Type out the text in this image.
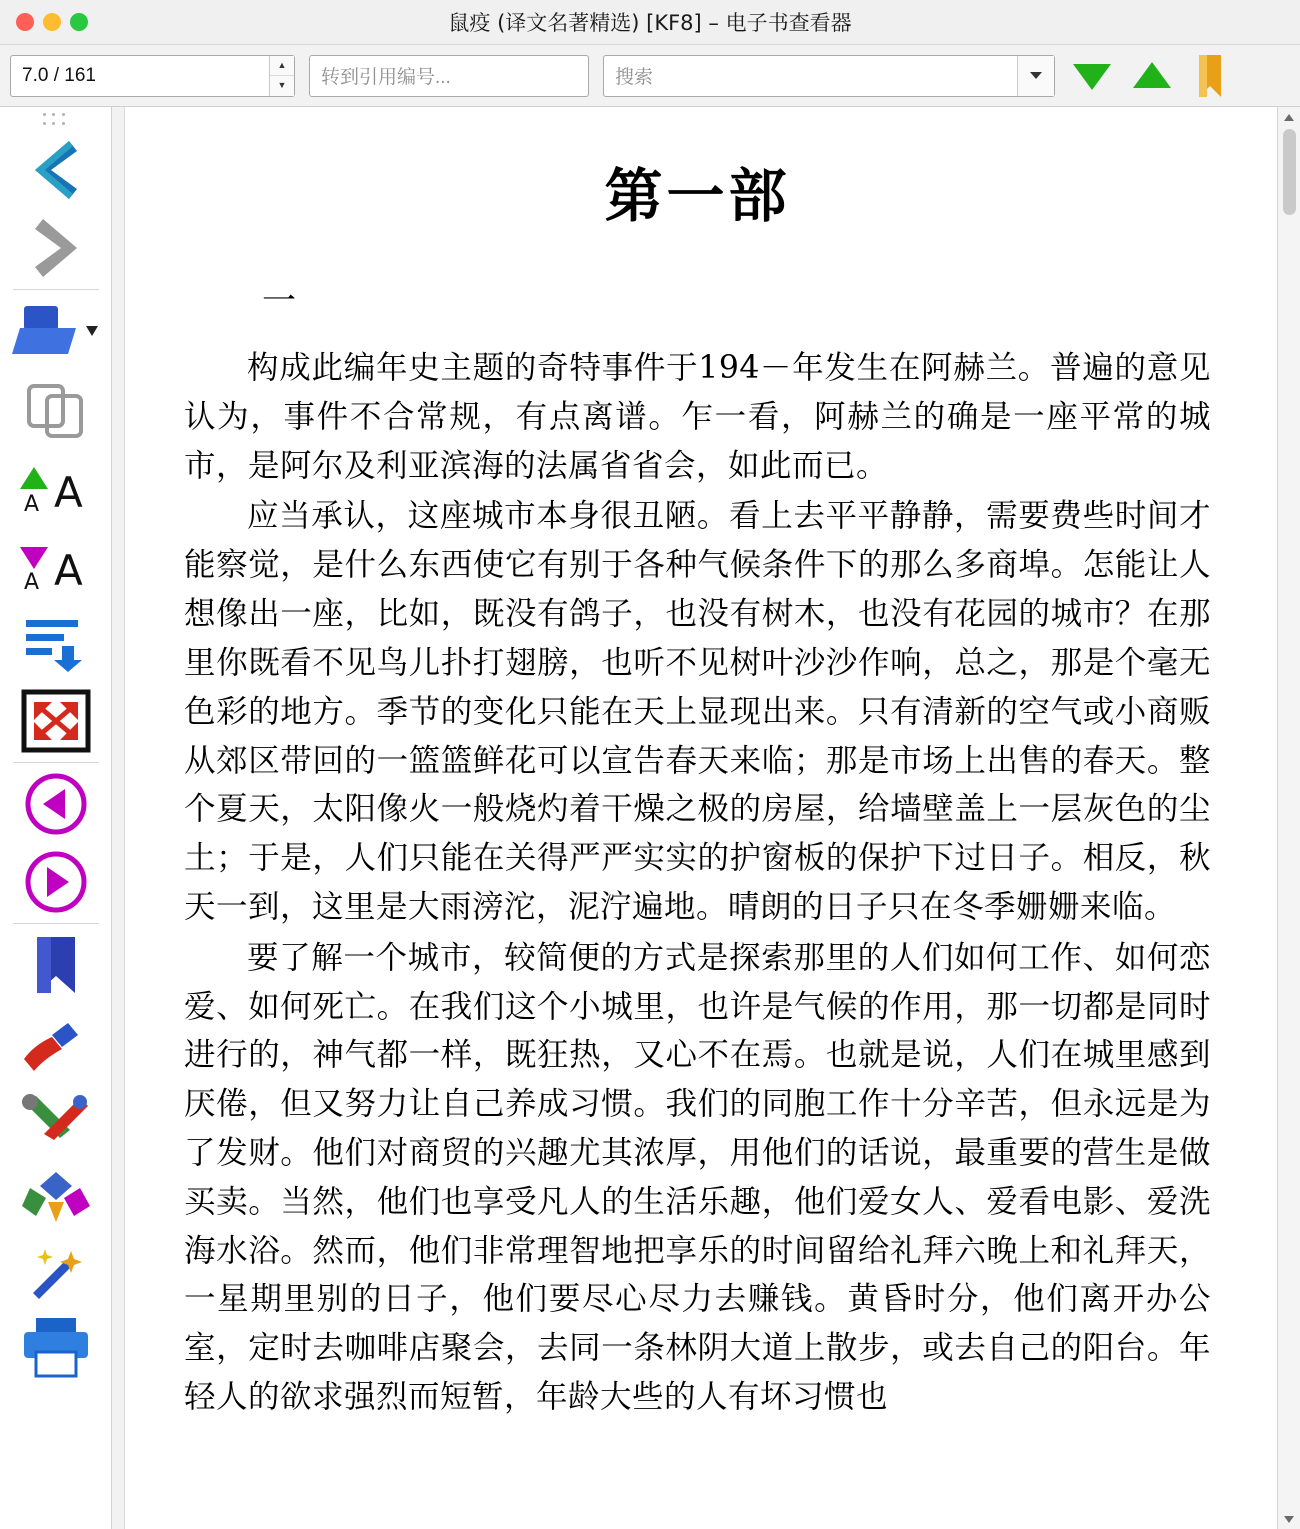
鼠疫 (译文名著精选) [KF8] – 电子书查看器
7.0 / 161
▲
▼	转到引用编号...	搜索
A A
A A
第一部
一

构成此编年史主题的奇特事件于194－年发生在阿赫兰。普遍的意见认为，事件不合常规，有点离谱。乍一看，阿赫兰的确是一座平常的城市，是阿尔及利亚滨海的法属省省会，如此而已。

应当承认，这座城市本身很丑陋。看上去平平静静，需要费些时间才能察觉，是什么东西使它有别于各种气候条件下的那么多商埠。怎能让人想像出一座，比如，既没有鸽子，也没有树木，也没有花园的城市？在那里你既看不见鸟儿扑打翅膀，也听不见树叶沙沙作响，总之，那是个毫无色彩的地方。季节的变化只能在天上显现出来。只有清新的空气或小商贩从郊区带回的一篮篮鲜花可以宣告春天来临；那是市场上出售的春天。整个夏天，太阳像火一般烧灼着干燥之极的房屋，给墙壁盖上一层灰色的尘土；于是，人们只能在关得严严实实的护窗板的保护下过日子。相反，秋天一到，这里是大雨滂沱，泥泞遍地。晴朗的日子只在冬季姗姗来临。

要了解一个城市，较简便的方式是探索那里的人们如何工作、如何恋爱、如何死亡。在我们这个小城里，也许是气候的作用，那一切都是同时进行的，神气都一样，既狂热，又心不在焉。也就是说，人们在城里感到厌倦，但又努力让自己养成习惯。我们的同胞工作十分辛苦，但永远是为了发财。他们对商贸的兴趣尤其浓厚，用他们的话说，最重要的营生是做买卖。当然，他们也享受凡人的生活乐趣，他们爱女人、爱看电影、爱洗海水浴。然而，他们非常理智地把享乐的时间留给礼拜六晚上和礼拜天，一星期里别的日子，他们要尽心尽力去赚钱。黄昏时分，他们离开办公室，定时去咖啡店聚会，去同一条林阴大道上散步，或去自己的阳台。年轻人的欲求强烈而短暂，年龄大些的人有坏习惯也
